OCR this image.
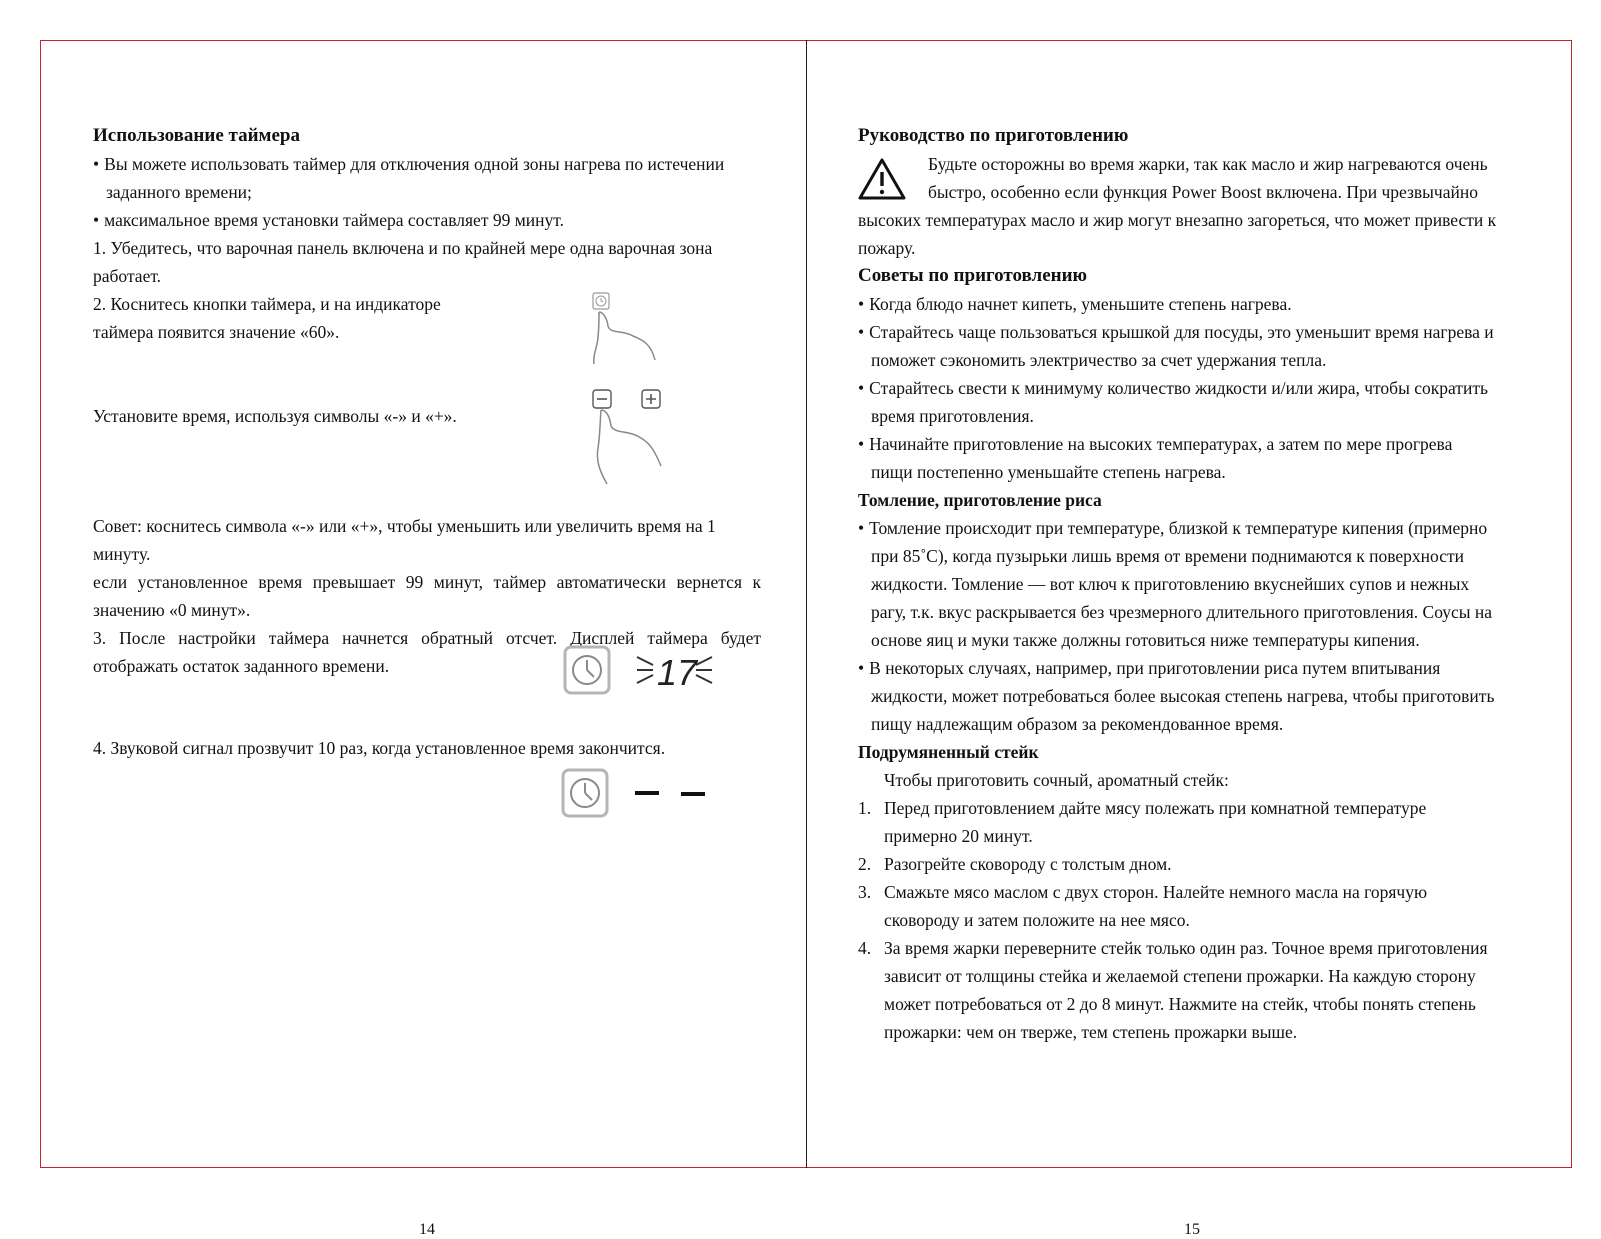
Использование таймера
• Вы можете использовать таймер для отключения одной зоны нагрева по истечении
заданного времени;
• максимальное время установки таймера составляет 99 минут.
1. Убедитесь, что варочная панель включена и по крайней мере одна варочная зона
работает.
2. Коснитесь кнопки таймера, и на индикаторе
таймера появится значение «60».
Установите время, используя символы «-» и «+».
Совет: коснитесь символа «-» или «+», чтобы уменьшить или увеличить время на 1
минуту.
если установленное время превышает 99 минут, таймер автоматически вернется к
значению «0 минут».
3. После настройки таймера начнется обратный отсчет. Дисплей таймера будет
отображать остаток заданного времени.
4. Звуковой сигнал прозвучит 10 раз, когда установленное время закончится.
17
14
Руководство по приготовлению
Будьте осторожны во время жарки, так как масло и жир нагреваются очень
быстро, особенно если функция Power Boost включена. При чрезвычайно
высоких температурах масло и жир могут внезапно загореться, что может привести к
пожару.
Советы по приготовлению
• Когда блюдо начнет кипеть, уменьшите степень нагрева.
• Старайтесь чаще пользоваться крышкой для посуды, это уменьшит время нагрева и
поможет сэкономить электричество за счет удержания тепла.
• Старайтесь свести к минимуму количество жидкости и/или жира, чтобы сократить
время приготовления.
• Начинайте приготовление на высоких температурах, а затем по мере прогрева
пищи постепенно уменьшайте степень нагрева.
Томление, приготовление риса
• Томление происходит при температуре, близкой к температуре кипения (примерно
при 85˚С), когда пузырьки лишь время от времени поднимаются к поверхности
жидкости. Томление — вот ключ к приготовлению вкуснейших супов и нежных
рагу, т.к. вкус раскрывается без чрезмерного длительного приготовления. Соусы на
основе яиц и муки также должны готовиться ниже температуры кипения.
• В некоторых случаях, например, при приготовлении риса путем впитывания
жидкости, может потребоваться более высокая степень нагрева, чтобы приготовить
пищу надлежащим образом за рекомендованное время.
Подрумяненный стейк
Чтобы приготовить сочный, ароматный стейк:
1. Перед приготовлением дайте мясу полежать при комнатной температуре
примерно 20 минут.
2. Разогрейте сковороду с толстым дном.
3. Смажьте мясо маслом с двух сторон. Налейте немного масла на горячую
сковороду и затем положите на нее мясо.
4. За время жарки переверните стейк только один раз. Точное время приготовления
зависит от толщины стейка и желаемой степени прожарки. На каждую сторону
может потребоваться от 2 до 8 минут. Нажмите на стейк, чтобы понять степень
прожарки: чем он тверже, тем степень прожарки выше.
15
